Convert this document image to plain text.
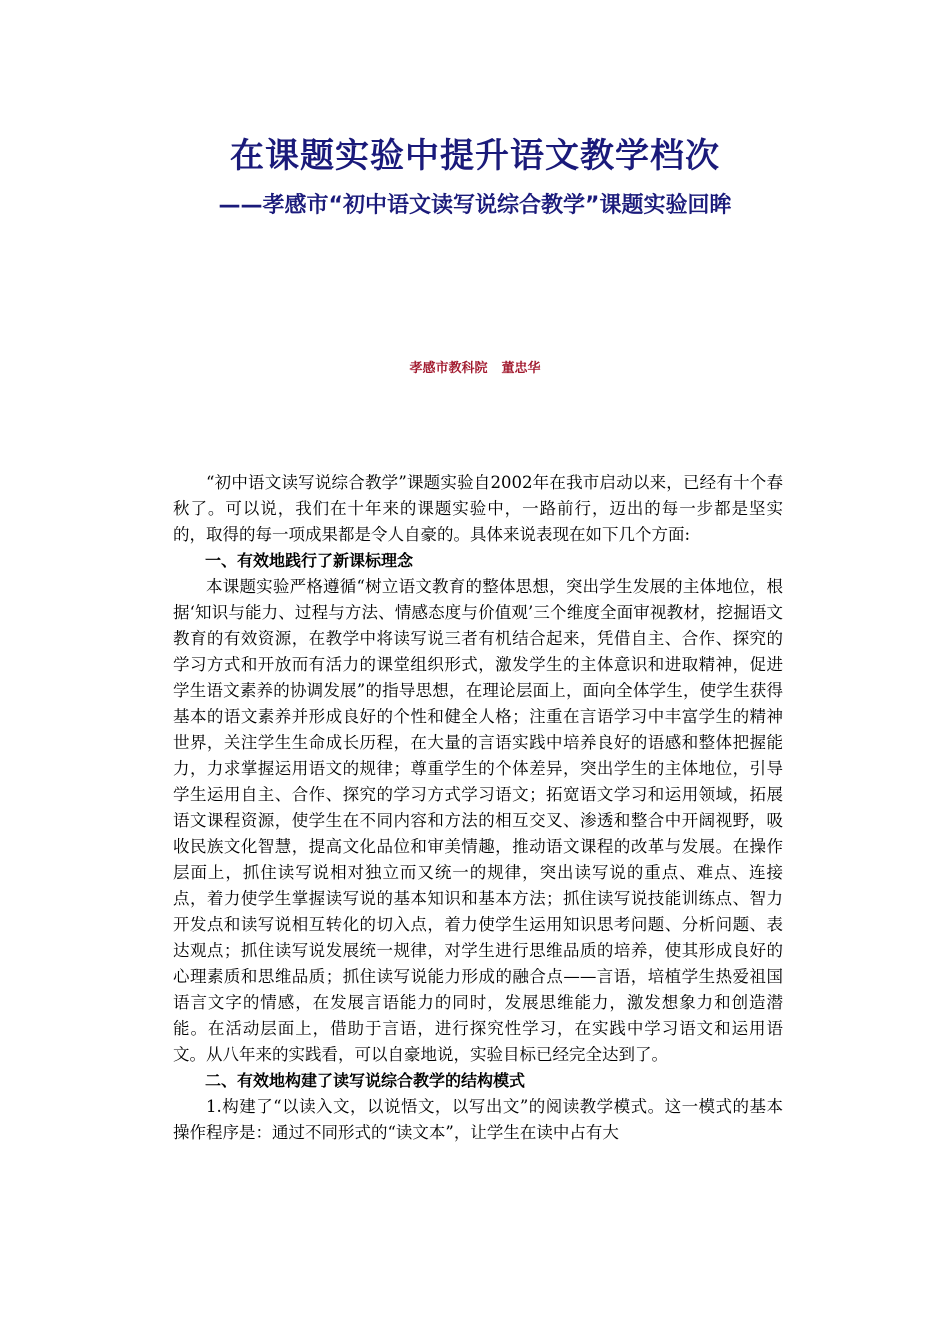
在课题实验中提升语文教学档次
——孝感市“初中语文读写说综合教学”课题实验回眸
孝感市教科院 董忠华

“初中语文读写说综合教学”课题实验自2002年在我市启动以来，已经有十个春秋了。可以说，我们在十年来的课题实验中，一路前行，迈出的每一步都是坚实的，取得的每一项成果都是令人自豪的。具体来说表现在如下几个方面:

一、有效地践行了新课标理念

本课题实验严格遵循“树立语文教育的整体思想，突出学生发展的主体地位，根据‘知识与能力、过程与方法、情感态度与价值观’三个维度全面审视教材，挖掘语文教育的有效资源，在教学中将读写说三者有机结合起来，凭借自主、合作、探究的学习方式和开放而有活力的课堂组织形式，激发学生的主体意识和进取精神，促进学生语文素养的协调发展”的指导思想，在理论层面上，面向全体学生，使学生获得基本的语文素养并形成良好的个性和健全人格；注重在言语学习中丰富学生的精神世界，关注学生生命成长历程，在大量的言语实践中培养良好的语感和整体把握能力，力求掌握运用语文的规律；尊重学生的个体差异，突出学生的主体地位，引导学生运用自主、合作、探究的学习方式学习语文；拓宽语文学习和运用领域，拓展语文课程资源，使学生在不同内容和方法的相互交叉、渗透和整合中开阔视野，吸收民族文化智慧，提高文化品位和审美情趣，推动语文课程的改革与发展。在操作层面上，抓住读写说相对独立而又统一的规律，突出读写说的重点、难点、连接点，着力使学生掌握读写说的基本知识和基本方法；抓住读写说技能训练点、智力开发点和读写说相互转化的切入点，着力使学生运用知识思考问题、分析问题、表达观点；抓住读写说发展统一规律，对学生进行思维品质的培养，使其形成良好的心理素质和思维品质；抓住读写说能力形成的融合点——言语，培植学生热爱祖国语言文字的情感，在发展言语能力的同时，发展思维能力，激发想象力和创造潜能。在活动层面上，借助于言语，进行探究性学习，在实践中学习语文和运用语文。从八年来的实践看，可以自豪地说，实验目标已经完全达到了。

二、有效地构建了读写说综合教学的结构模式

1.构建了“以读入文，以说悟文，以写出文”的阅读教学模式。这一模式的基本操作程序是：通过不同形式的“读文本”，让学生在读中占有大
